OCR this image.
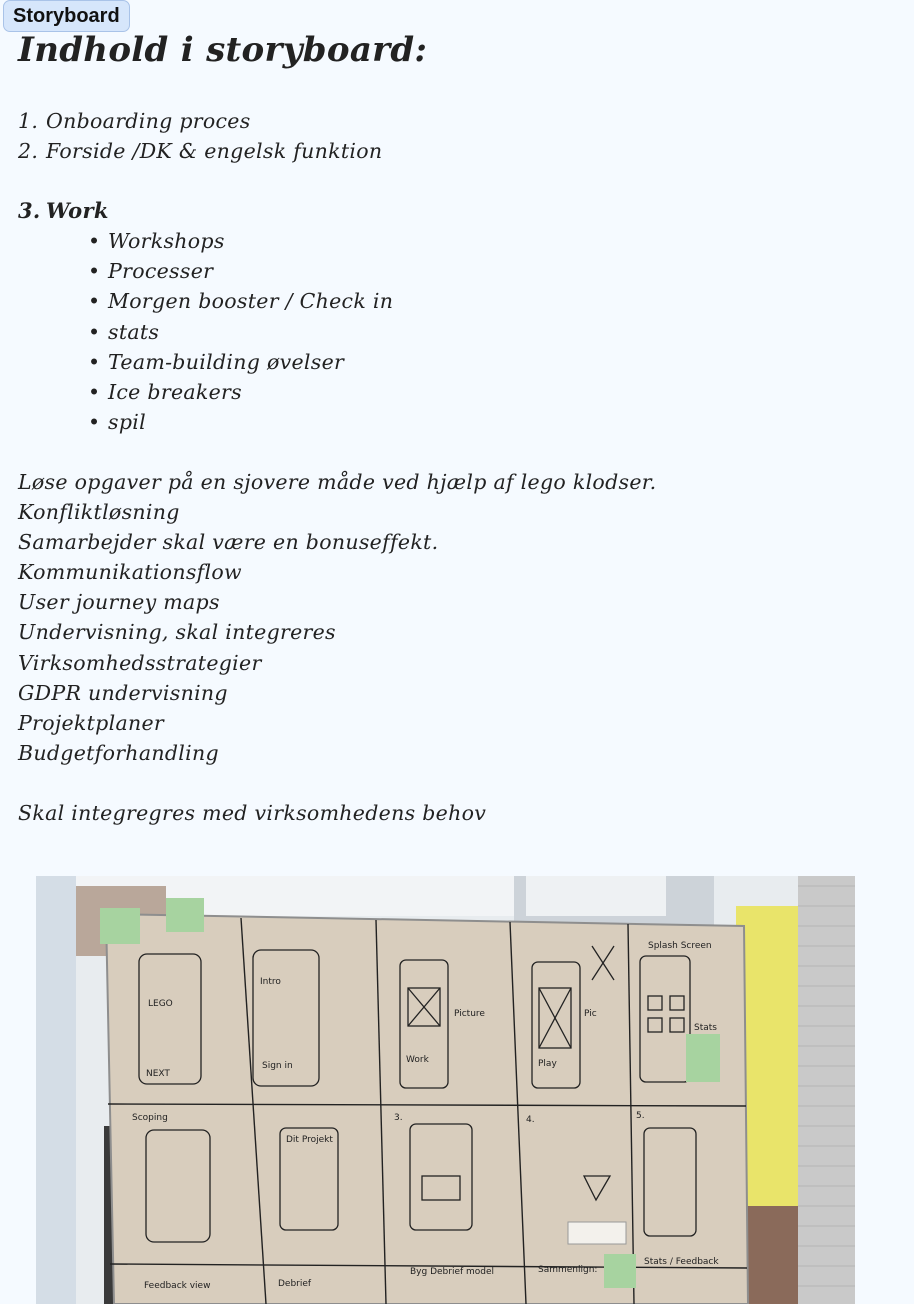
Storyboard
Indhold i storyboard:
1. Onboarding proces
2. Forside /DK & engelsk funktion
3. Work
• Workshops
• Processer
• Morgen booster / Check in
• stats
• Team-building øvelser
• Ice breakers
• spil
Løse opgaver på en sjovere måde ved hjælp af lego klodser.
Konfliktløsning
Samarbejder skal være en bonuseffekt.
Kommunikationsflow
User journey maps
Undervisning, skal integreres
Virksomhedsstrategier
GDPR undervisning
Projektplaner
Budgetforhandling
Skal integregres med virksomhedens behov
LEGO
NEXT
Intro
Sign in
Work
Picture
Play
Pic
Splash Screen
Stats
Scoping
Dit Projekt
3.	4.	5.
Feedback view	Debrief
Byg Debrief model	Sammenlign:
Stats / Feedback
